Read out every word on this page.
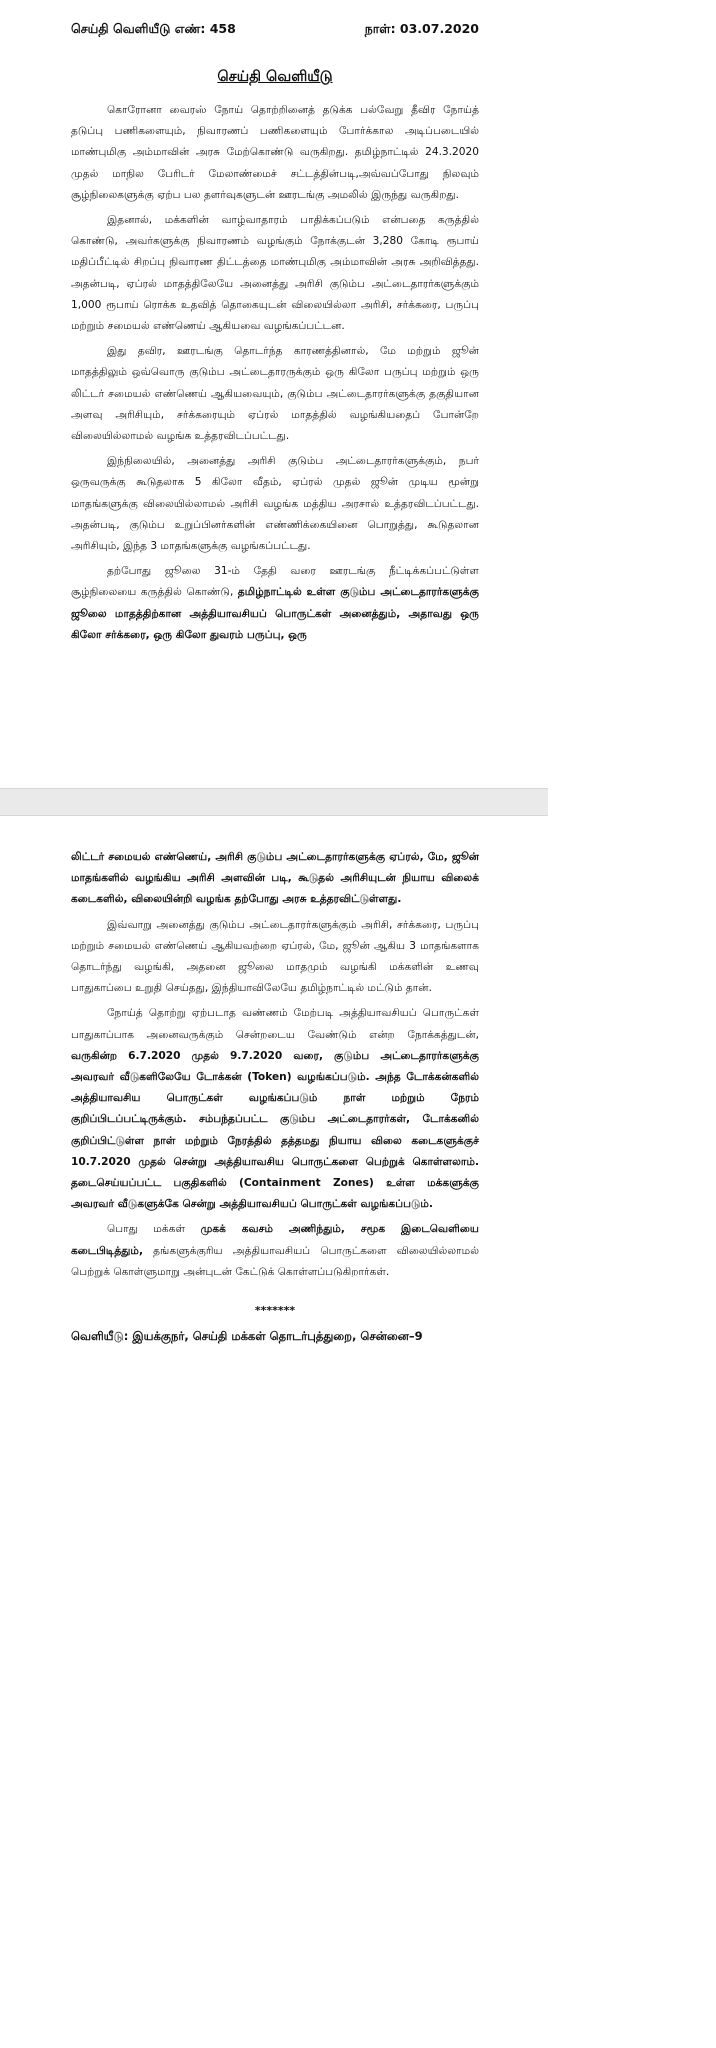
செய்தி வெளியீடு எண்: 458	நாள்: 03.07.2020
செய்தி வெளியீடு

கொரோனா வைரஸ் நோய் தொற்றினைத் தடுக்க பல்வேறு தீவிர நோய்த் தடுப்பு பணிகளையும், நிவாரணப் பணிகளையும் போர்க்கால அடிப்படையில் மாண்புமிகு அம்மாவின் அரசு மேற்கொண்டு வருகிறது. தமிழ்நாட்டில் 24.3.2020 முதல் மாநில பேரிடர் மேலாண்மைச் சட்டத்தின்படி,அவ்வப்போது நிலவும் சூழ்நிலைகளுக்கு ஏற்ப பல தளர்வுகளுடன் ஊரடங்கு அமலில் இருந்து வருகிறது.

இதனால், மக்களின் வாழ்வாதாரம் பாதிக்கப்படும் என்பதை கருத்தில் கொண்டு, அவர்களுக்கு நிவாரணம் வழங்கும் நோக்குடன் 3,280 கோடி ரூபாய் மதிப்பீட்டில் சிறப்பு நிவாரண திட்டத்தை மாண்புமிகு அம்மாவின் அரசு அறிவித்தது. அதன்படி, ஏப்ரல் மாதத்திலேயே அனைத்து அரிசி குடும்ப அட்டைதாரர்களுக்கும் 1,000 ரூபாய் ரொக்க உதவித் தொகையுடன் விலையில்லா அரிசி, சர்க்கரை, பருப்பு மற்றும் சமையல் எண்ணெய் ஆகியவை வழங்கப்பட்டன.

இது தவிர, ஊரடங்கு தொடர்ந்த காரணத்தினால், மே மற்றும் ஜூன் மாதத்திலும் ஒவ்வொரு குடும்ப அட்டைதாரருக்கும் ஒரு கிலோ பருப்பு மற்றும் ஒரு லிட்டர் சமையல் எண்ணெய் ஆகியவையும், குடும்ப அட்டைதாரர்களுக்கு தகுதியான அளவு அரிசியும், சர்க்கரையும் ஏப்ரல் மாதத்தில் வழங்கியதைப் போன்றே விலையில்லாமல் வழங்க உத்தரவிடப்பட்டது.

இந்நிலையில், அனைத்து அரிசி குடும்ப அட்டைதாரர்களுக்கும், நபர் ஒருவருக்கு கூடுதலாக 5 கிலோ வீதம், ஏப்ரல் முதல் ஜூன் முடிய மூன்று மாதங்களுக்கு விலையில்லாமல் அரிசி வழங்க மத்திய அரசால் உத்தரவிடப்பட்டது. அதன்படி, குடும்ப உறுப்பினர்களின் எண்ணிக்கையினை பொறுத்து, கூடுதலான அரிசியும், இந்த 3 மாதங்களுக்கு வழங்கப்பட்டது.

தற்போது ஜூலை 31-ம் தேதி வரை ஊரடங்கு நீட்டிக்கப்பட்டுள்ள சூழ்நிலையை கருத்தில் கொண்டு, தமிழ்நாட்டில் உள்ள குடும்ப அட்டைதாரர்களுக்கு ஜூலை மாதத்திற்கான அத்தியாவசியப் பொருட்கள் அனைத்தும், அதாவது ஒரு கிலோ சர்க்கரை, ஒரு கிலோ துவரம் பருப்பு, ஒரு

லிட்டர் சமையல் எண்ணெய், அரிசி குடும்ப அட்டைதாரர்களுக்கு ஏப்ரல், மே, ஜூன் மாதங்களில் வழங்கிய அரிசி அளவின் படி, கூடுதல் அரிசியுடன் நியாய விலைக் கடைகளில், விலையின்றி வழங்க தற்போது அரசு உத்தரவிட்டுள்ளது.

இவ்வாறு அனைத்து குடும்ப அட்டைதாரர்களுக்கும் அரிசி, சர்க்கரை, பருப்பு மற்றும் சமையல் எண்ணெய் ஆகியவற்றை ஏப்ரல், மே, ஜூன் ஆகிய 3 மாதங்களாக தொடர்ந்து வழங்கி, அதனை ஜூலை மாதமும் வழங்கி மக்களின் உணவு பாதுகாப்பை உறுதி செய்தது, இந்தியாவிலேயே தமிழ்நாட்டில் மட்டும் தான்.

நோய்த் தொற்று ஏற்படாத வண்ணம் மேற்படி அத்தியாவசியப் பொருட்கள் பாதுகாப்பாக அனைவருக்கும் சென்றடைய வேண்டும் என்ற நோக்கத்துடன், வருகின்ற 6.7.2020 முதல் 9.7.2020 வரை, குடும்ப அட்டைதாரர்களுக்கு அவரவர் வீடுகளிலேயே டோக்கன் (Token) வழங்கப்படும். அந்த டோக்கன்களில் அத்தியாவசிய பொருட்கள் வழங்கப்படும் நாள் மற்றும் நேரம் குறிப்பிடப்பட்டிருக்கும். சம்பந்தப்பட்ட குடும்ப அட்டைதாரர்கள், டோக்கனில் குறிப்பிட்டுள்ள நாள் மற்றும் நேரத்தில் தத்தமது நியாய விலை கடைகளுக்குச் 10.7.2020 முதல் சென்று அத்தியாவசிய பொருட்களை பெற்றுக் கொள்ளலாம். தடைசெய்யப்பட்ட பகுதிகளில் (Containment Zones) உள்ள மக்களுக்கு அவரவர் வீடுகளுக்கே சென்று அத்தியாவசியப் பொருட்கள் வழங்கப்படும்.

பொது மக்கள் முகக் கவசம் அணிந்தும், சமூக இடைவெளியை கடைபிடித்தும், தங்களுக்குரிய அத்தியாவசியப் பொருட்களை விலையில்லாமல் பெற்றுக் கொள்ளுமாறு அன்புடன் கேட்டுக் கொள்ளப்படுகிறார்கள்.

*******
வெளியீடு: இயக்குநர், செய்தி மக்கள் தொடர்புத்துறை, சென்னை–9
